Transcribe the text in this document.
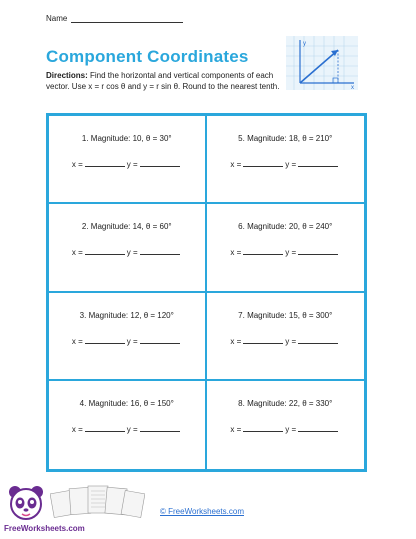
Name
Component Coordinates
Directions: Find the horizontal and vertical components of each vector. Use x = r cos θ and y = r sin θ. Round to the nearest tenth.
y
x
1. Magnitude: 10, θ = 30°
x =	y =
5. Magnitude: 18, θ = 210°
x =	y =
2. Magnitude: 14, θ = 60°
x =	y =
6. Magnitude: 20, θ = 240°
x =	y =
3. Magnitude: 12, θ = 120°
x =	y =
7. Magnitude: 15, θ = 300°
x =	y =
4. Magnitude: 16, θ = 150°
x =	y =
8. Magnitude: 22, θ = 330°
x =	y =
FreeWorksheets.com
© FreeWorksheets.com
